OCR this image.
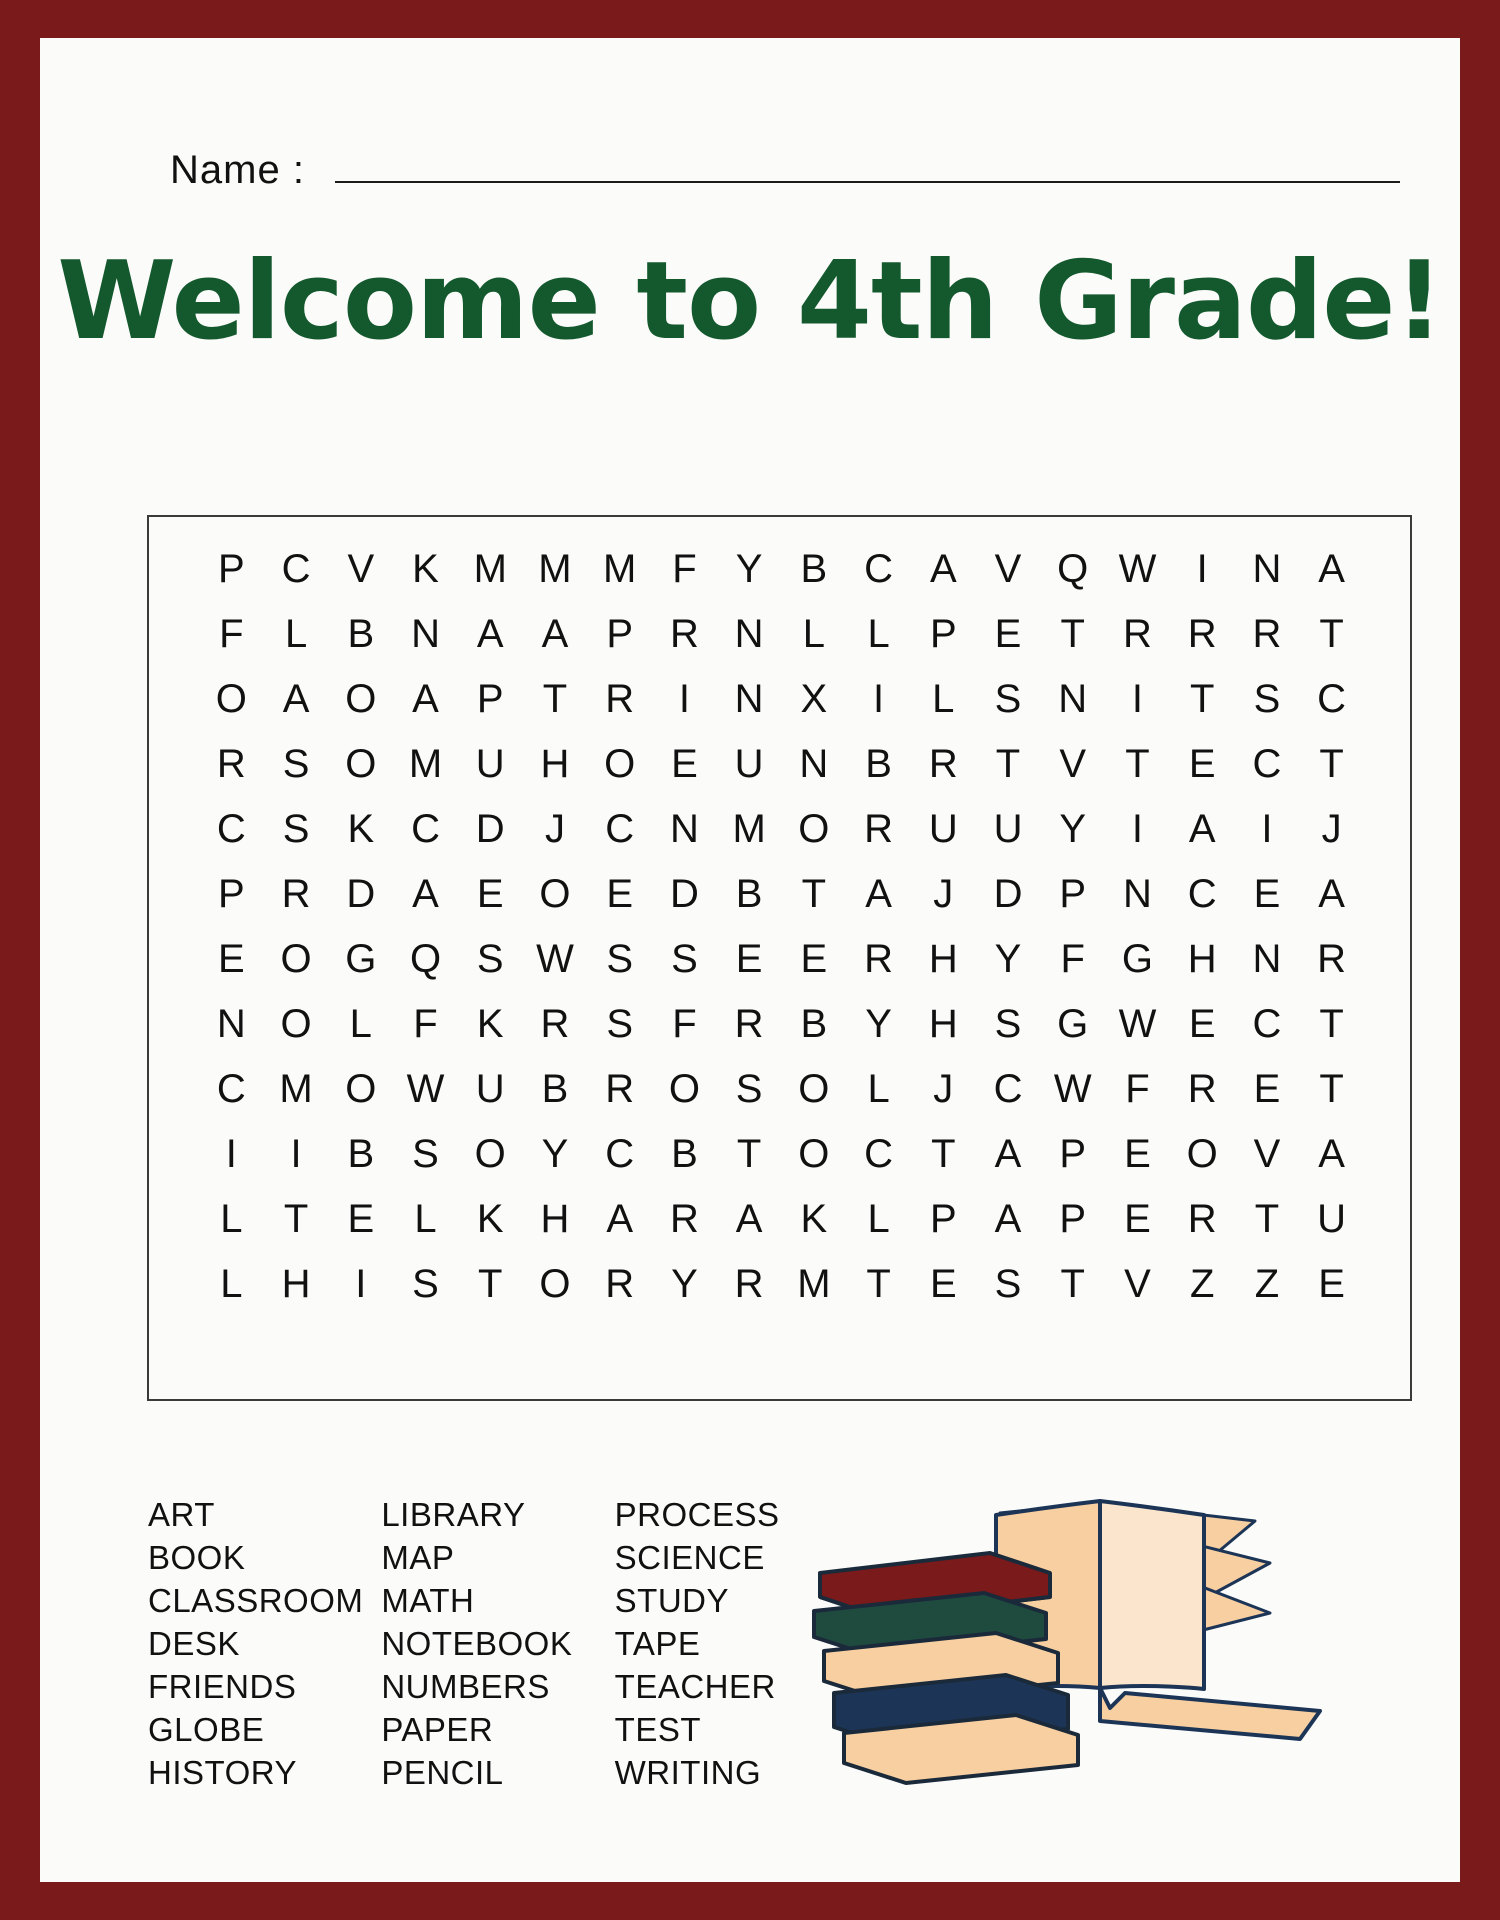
Name :
Welcome to 4th Grade!
P C V K M M M F Y B C A V Q W	I	N A
F	L	B N A A P R N L	L	P E T R R R T
O A O A P T R	I	N X	I	L	S N	I	T S C
R S O M U H O E U N B R T V T E C T
C S K C D	J	C N M O R U U Y	I	A	I	J
P R D A E O E D B T A	J	D P N C E A
E O G Q S W S S E E R H Y F G H N R
N O L	F K R S F R B Y H S G W E C T
C M O W U B R O S O L	J	C W F R E T
I	I	B S O Y C B T O C T A P E O V A
L	T E	L	K H A R A K	L	P A P E R T U
L H	I	S T O R Y R M T E S T V Z	Z E
ART
BOOK
CLASSROOM
DESK
FRIENDS
GLOBE
HISTORY
LIBRARY
MAP
MATH
NOTEBOOK
NUMBERS
PAPER
PENCIL
PROCESS
SCIENCE
STUDY
TAPE
TEACHER
TEST
WRITING
